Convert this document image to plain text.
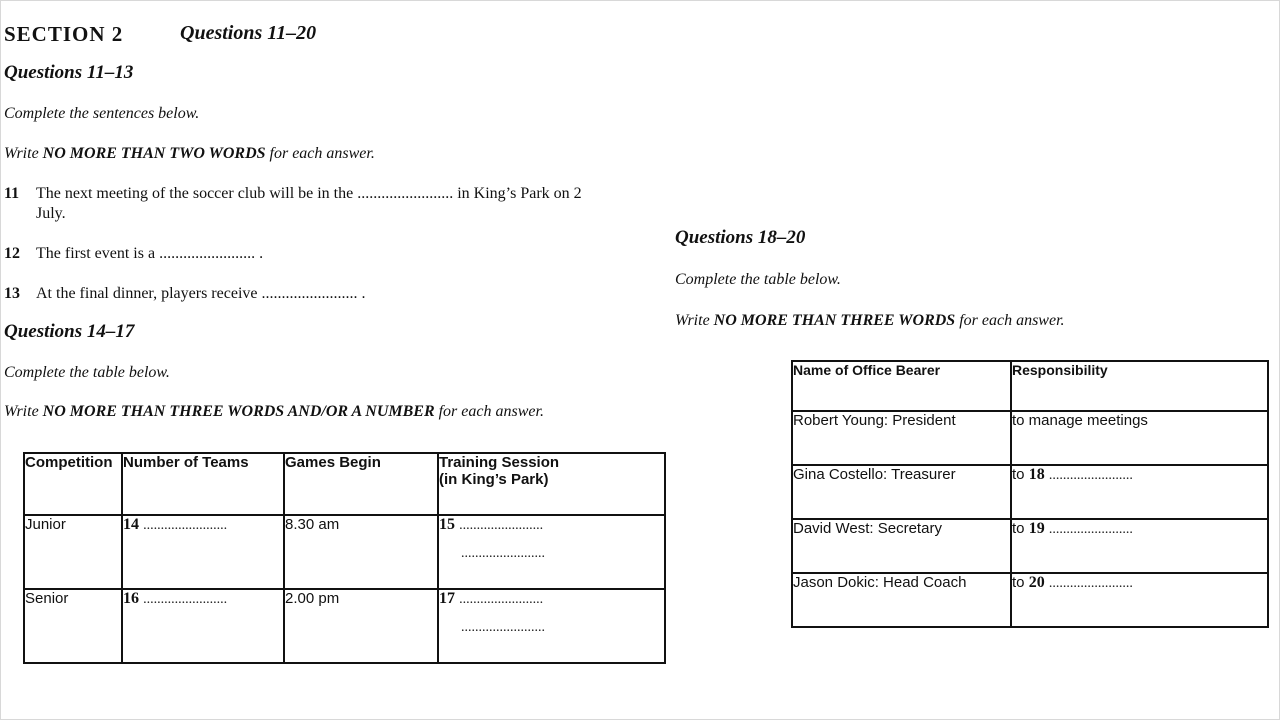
SECTION 2	Questions 11–20
Questions 11–13
Complete the sentences below.
Write NO MORE THAN TWO WORDS for each answer.
11 The next meeting of the soccer club will be in the ........................ in King’s Park on 2
July.
12 The first event is a ........................ .
13 At the final dinner, players receive ........................ .
Questions 14–17
Complete the table below.
Write NO MORE THAN THREE WORDS AND/OR A NUMBER for each answer.
Competition	Number of Teams	Games Begin	Training Session
(in King’s Park)
Junior	14 ........................	8.30 am	15 ........................
........................

Senior	16 ........................	2.00 pm	17 ........................
........................
Questions 18–20
Complete the table below.
Write NO MORE THAN THREE WORDS for each answer.
Name of Office Bearer	Responsibility
Robert Young: President	to manage meetings
Gina Costello: Treasurer	to 18 ........................
David West: Secretary	to 19 ........................
Jason Dokic: Head Coach	to 20 ........................
